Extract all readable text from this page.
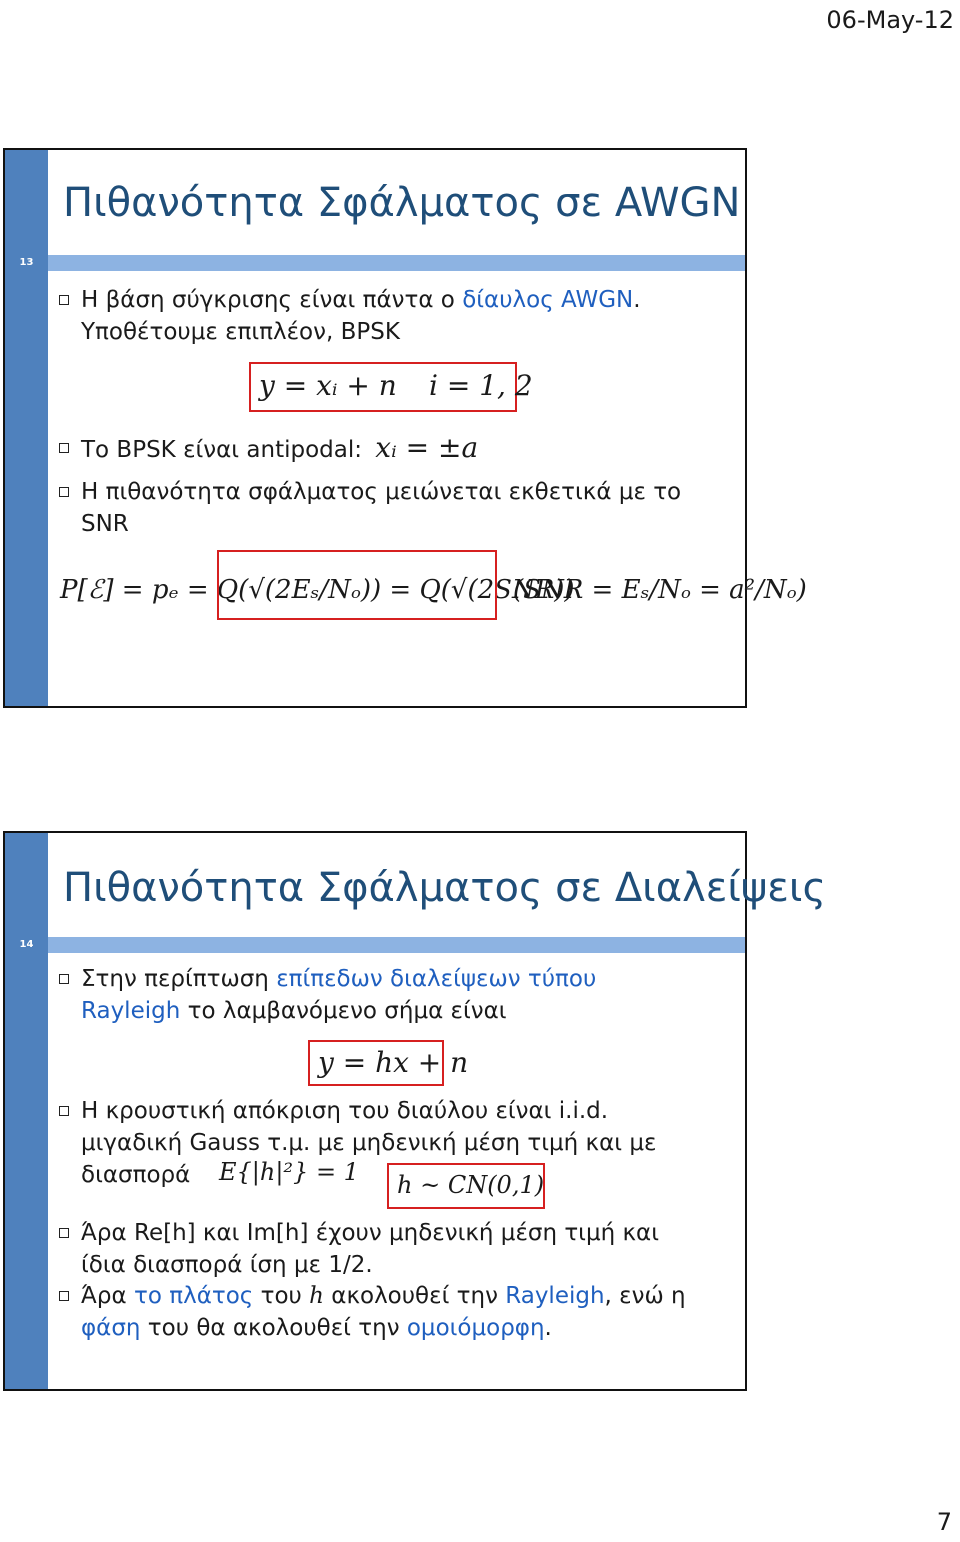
06-May-12
Πιθανότητα Σφάλματος σε AWGN
13
Η βάση σύγκρισης είναι πάντα ο δίαυλος AWGN.
Υποθέτουμε επιπλέον, BPSK
y = xᵢ + n i = 1, 2
Το BPSK είναι antipodal: xᵢ = ±a
Η πιθανότητα σφάλματος μειώνεται εκθετικά με το
SNR
P[ℰ] = pₑ = Q(√(2Eₛ/Nₒ)) = Q(√(2SNR))
(SNR = Eₛ/Nₒ = a²/Nₒ)
Πιθανότητα Σφάλματος σε Διαλείψεις
14
Στην περίπτωση επίπεδων διαλείψεων τύπου
Rayleigh το λαμβανόμενο σήμα είναι
y = hx + n
Η κρουστική απόκριση του διαύλου είναι i.i.d.
μιγαδική Gauss τ.μ. με μηδενική μέση τιμή και με
διασπορά	E{|h|²} = 1 h ~ CN(0,1)
Άρα Re[h] και Im[h] έχουν μηδενική μέση τιμή και
ίδια διασπορά ίση με 1/2.
Άρα το πλάτος του h ακολουθεί την Rayleigh, ενώ η
φάση του θα ακολουθεί την ομοιόμορφη.
7
